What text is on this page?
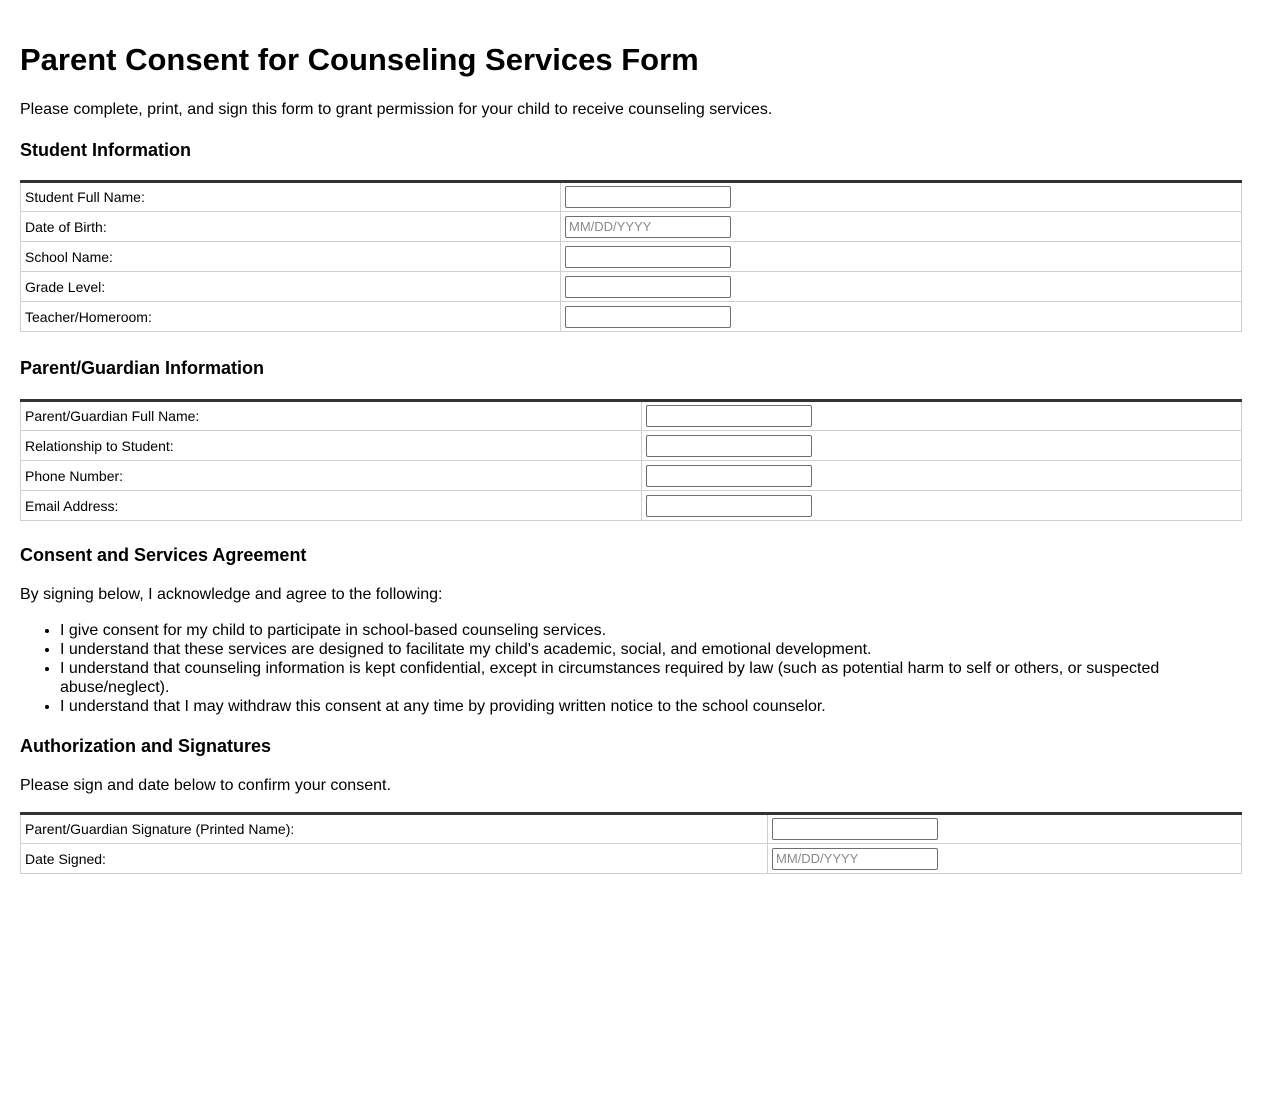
Parent Consent for Counseling Services Form

Please complete, print, and sign this form to grant permission for your child to receive counseling services.

Student Information
Student Full Name:	

Date of Birth:	
MM/DD/YYYY
School Name:	

Grade Level:	

Teacher/Homeroom:	
Parent/Guardian Information
Parent/Guardian Full Name:	

Relationship to Student:	

Phone Number:	

Email Address:	
Consent and Services Agreement

By signing below, I acknowledge and agree to the following:

• I give consent for my child to participate in school-based counseling services.
• I understand that these services are designed to facilitate my child's academic, social, and emotional development.
• I understand that counseling information is kept confidential, except in circumstances required by law (such as potential harm to self or others, or suspected abuse/neglect).
• I understand that I may withdraw this consent at any time by providing written notice to the school counselor.
Authorization and Signatures

Please sign and date below to confirm your consent.

Parent/Guardian Signature (Printed Name):	

Date Signed:	
MM/DD/YYYY
